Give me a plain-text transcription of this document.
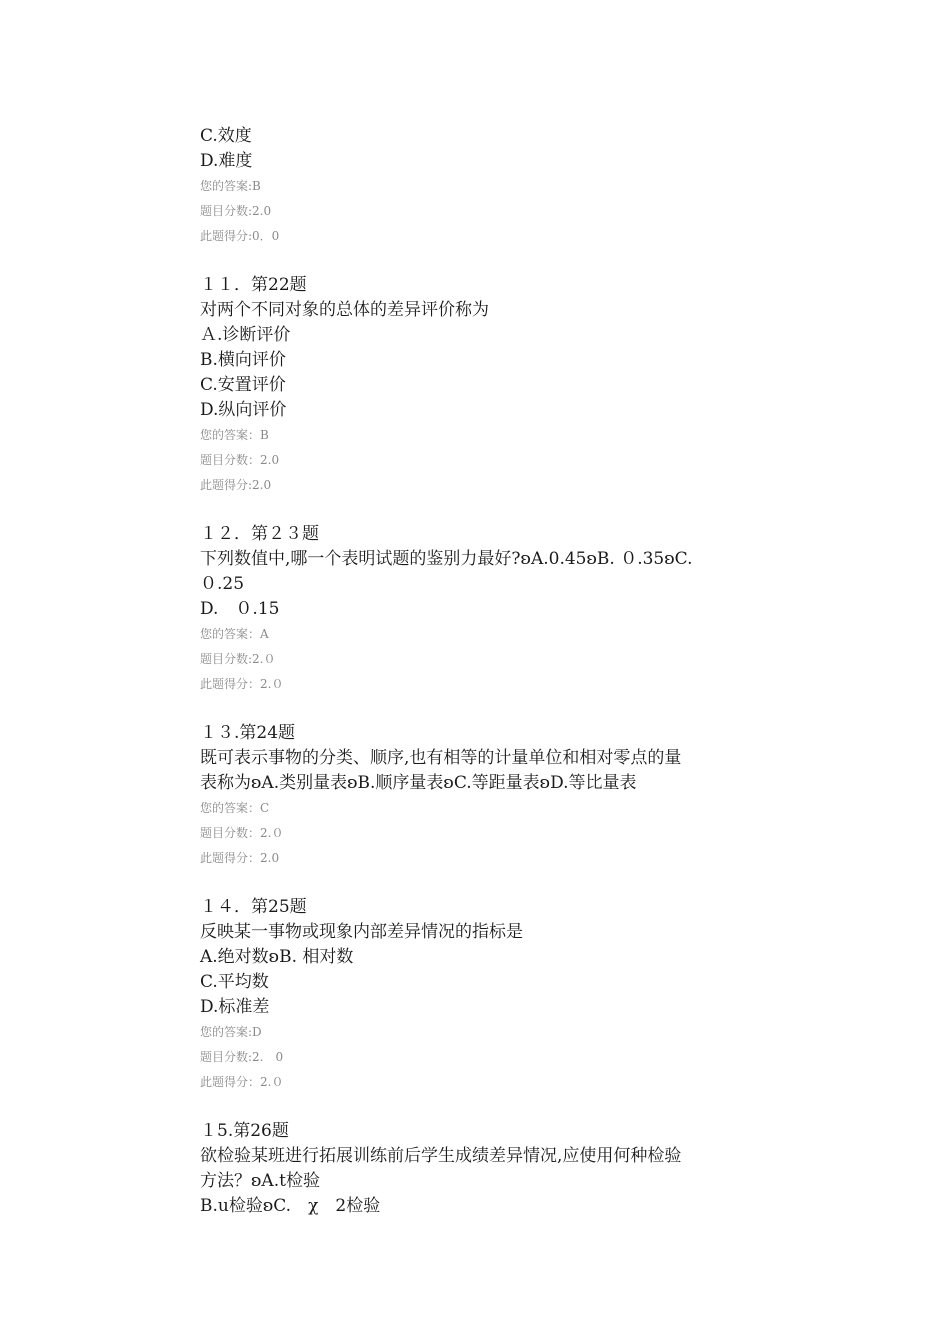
C.效度
D.难度
您的答案:B
题目分数:2.0
此题得分:0．0
１１．第22题
对两个不同对象的总体的差异评价称为
Ａ.诊断评价
B.横向评价
C.安置评价
D.纵向评价
您的答案：B
题目分数：2.0
此题得分:2.0
１２．第２３题
下列数值中,哪一个表明试题的鉴别力最好?ʚA.0.45ʚB. ０.35ʚC.
０.25
D.　０.15
您的答案：A
题目分数:2.０
此题得分：2.０
１３.第24题
既可表示事物的分类、顺序,也有相等的计量单位和相对零点的量
表称为ʚA.类别量表ʚB.顺序量表ʚC.等距量表ʚD.等比量表
您的答案：C
题目分数：2.０
此题得分：2.0
１４．第25题
反映某一事物或现象内部差异情况的指标是
A.绝对数ʚB. 相对数
C.平均数
D.标准差
您的答案:D
题目分数:2.　0
此题得分：2.０
１5.第26题
欲检验某班进行拓展训练前后学生成绩差异情况,应使用何种检验
方法？ʚA.t检验
B.u检验ʚC.　χ　2检验
